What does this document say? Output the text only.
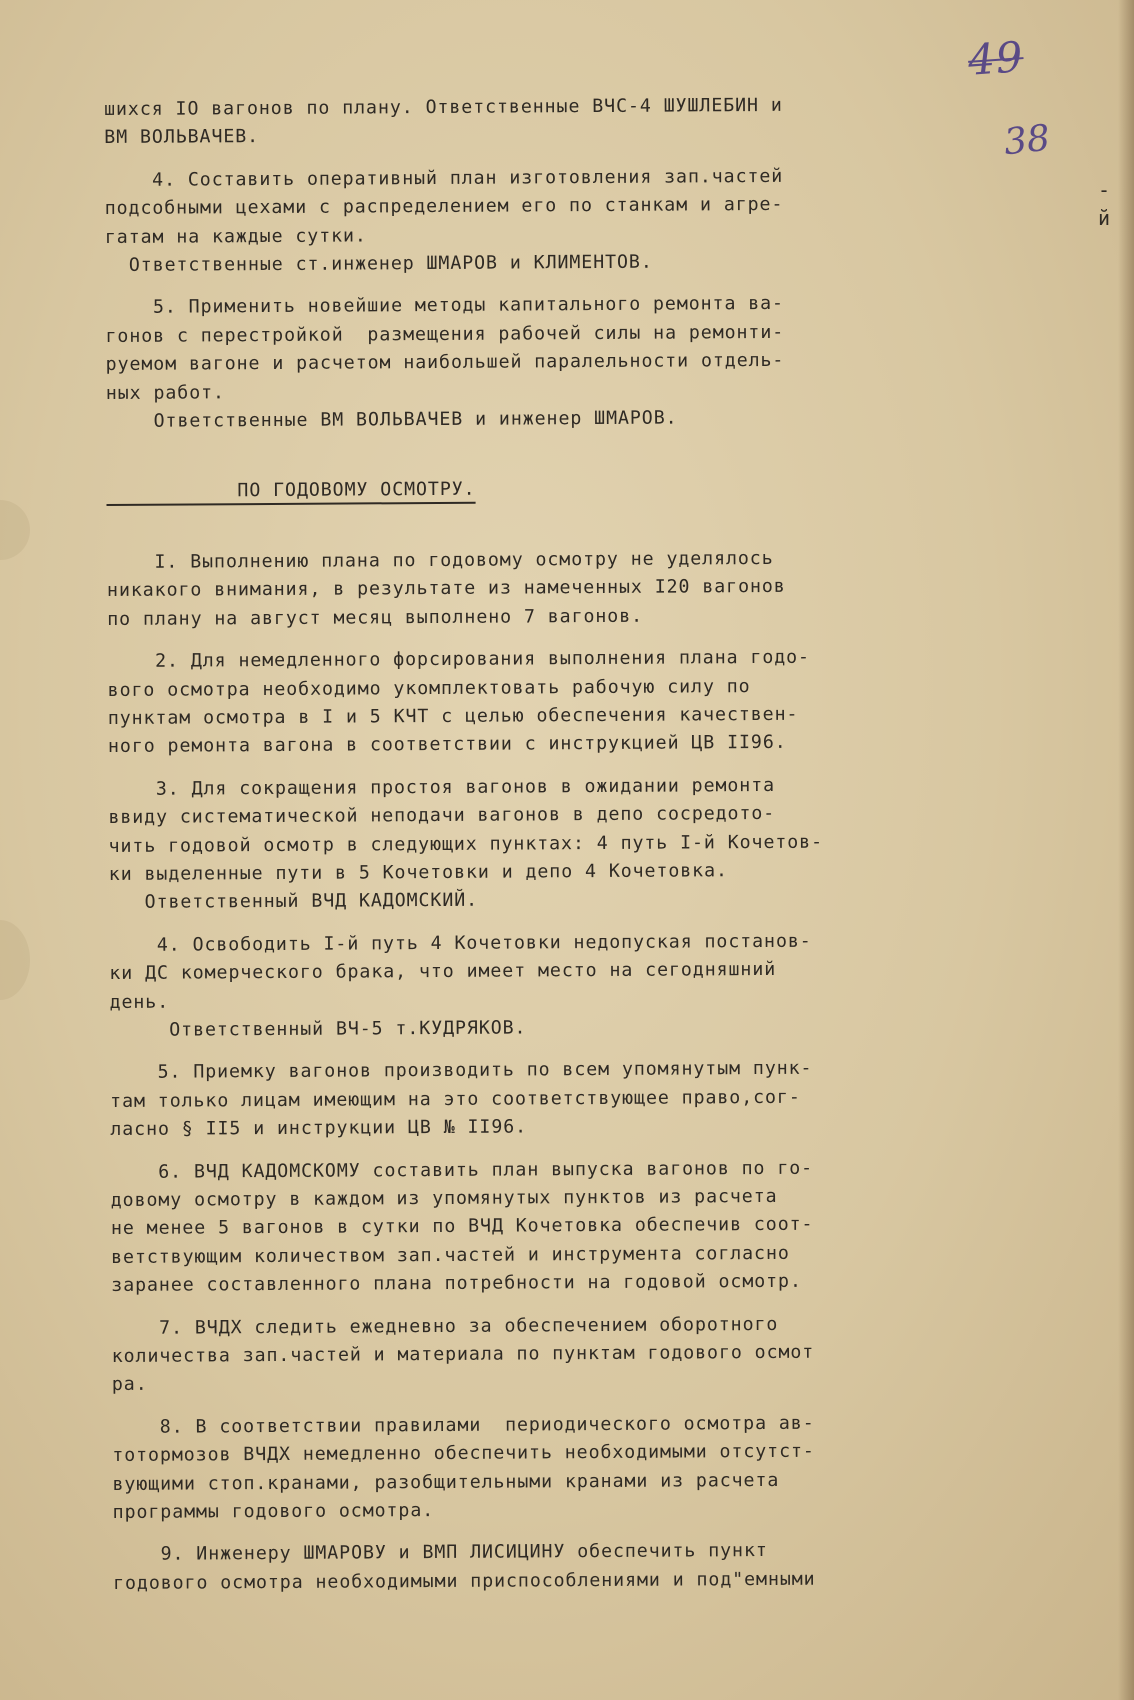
49

38

-

й

шихся IO вагонов по плану. Ответственные ВЧС-4 ШУШЛЕБИН и

ВМ ВОЛЬВАЧЕВ.

4. Составить оперативный план изготовления зап.частей

подсобными цехами с распределением его по станкам и агре-

гатам на каждые сутки.

Ответственные ст.инженер ШМАРОВ и КЛИМЕНТОВ.

5. Применить новейшие методы капитального ремонта ва-

гонов с перестройкой  размещения рабочей силы на ремонти-

руемом вагоне и расчетом наибольшей паралельности отдель-

ных работ.

Ответственные ВМ ВОЛЬВАЧЕВ и инженер ШМАРОВ.

ПО ГОДОВОМУ ОСМОТРУ.

I. Выполнению плана по годовому осмотру не уделялось

никакого внимания, в результате из намеченных I20 вагонов

по плану на август месяц выполнено 7 вагонов.

2. Для немедленного форсирования выполнения плана годо-

вого осмотра необходимо укомплектовать рабочую силу по

пунктам осмотра в I и 5 КЧТ с целью обеспечения качествен-

ного ремонта вагона в соответствии с инструкцией ЦВ II96.

3. Для сокращения простоя вагонов в ожидании ремонта

ввиду систематической неподачи вагонов в депо сосредото-

чить годовой осмотр в следующих пунктах: 4 путь I-й Кочетов-

ки выделенные пути в 5 Кочетовки и депо 4 Кочетовка.

Ответственный ВЧД КАДОМСКИЙ.

4. Освободить I-й путь 4 Кочетовки недопуская постанов-

ки ДС комерческого брака, что имеет место на сегодняшний

день.

Ответственный ВЧ-5 т.КУДРЯКОВ.

5. Приемку вагонов производить по всем упомянутым пунк-

там только лицам имеющим на это соответствующее право,сог-

ласно § II5 и инструкции ЦВ № II96.

6. ВЧД КАДОМСКОМУ составить план выпуска вагонов по го-

довому осмотру в каждом из упомянутых пунктов из расчета

не менее 5 вагонов в сутки по ВЧД Кочетовка обеспечив соот-

ветствующим количеством зап.частей и инструмента согласно

заранее составленного плана потребности на годовой осмотр.

7. ВЧДХ следить ежедневно за обеспечением оборотного

количества зап.частей и материала по пунктам годового осмот

ра.

8. В соответствии правилами  периодического осмотра ав-

тотормозов ВЧДХ немедленно обеспечить необходимыми отсутст-

вующими стоп.кранами, разобщительными кранами из расчета

программы годового осмотра.

9. Инженеру ШМАРОВУ и ВМП ЛИСИЦИНУ обеспечить пункт

годового осмотра необходимыми приспособлениями и под"емными
